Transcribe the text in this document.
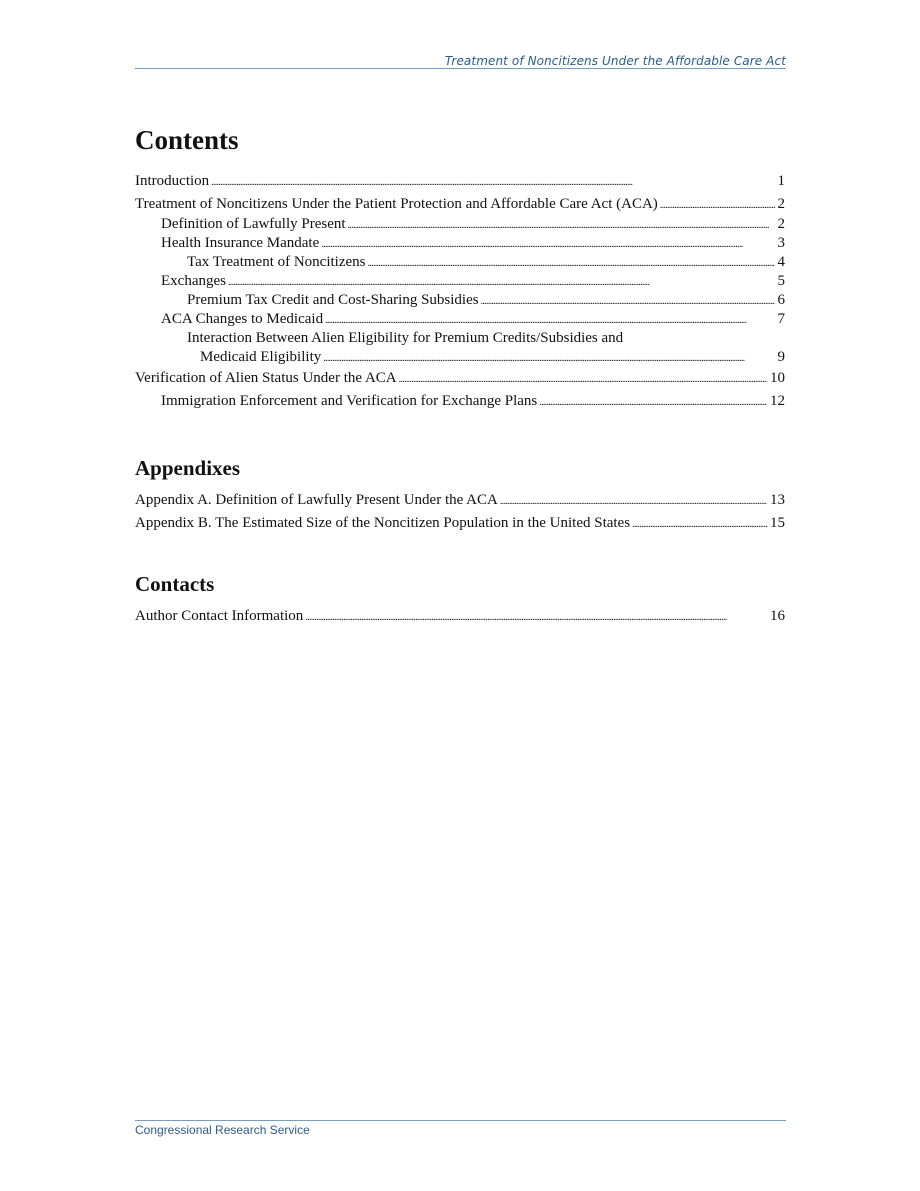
Treatment of Noncitizens Under the Affordable Care Act
Contents
Introduction . . .	1
Treatment of Noncitizens Under the Patient Protection and Affordable Care Act (ACA) . . .	2
Definition of Lawfully Present . . .	2
Health Insurance Mandate . . .	3
Tax Treatment of Noncitizens . . .	4
Exchanges . . .	5
Premium Tax Credit and Cost-Sharing Subsidies . . .	6
ACA Changes to Medicaid . . .	7
Interaction Between Alien Eligibility for Premium Credits/Subsidies and
Medicaid Eligibility . . .	9
Verification of Alien Status Under the ACA . . .	10
Immigration Enforcement and Verification for Exchange Plans . . .	12
Appendixes
Appendix A. Definition of Lawfully Present Under the ACA . . .	13
Appendix B. The Estimated Size of the Noncitizen Population in the United States . . .	15
Contacts
Author Contact Information . . .	16
Congressional Research Service
